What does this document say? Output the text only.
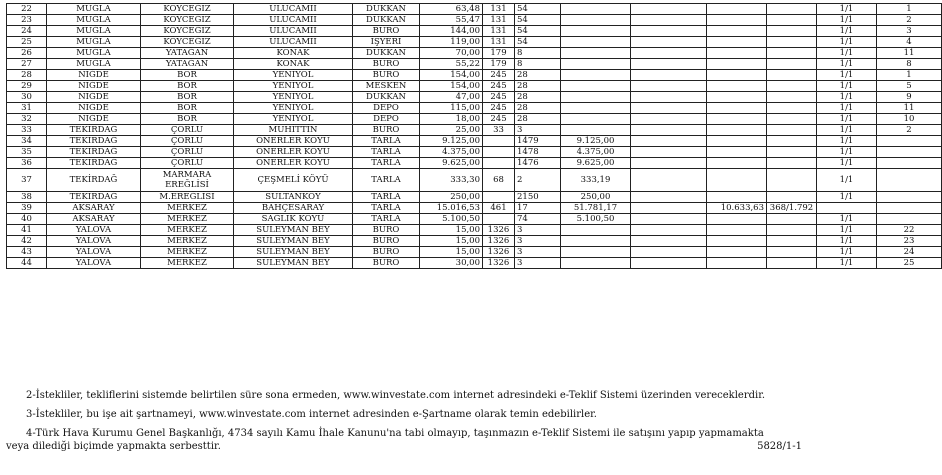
22	MUĞLA	KÖYCEĞİZ	ULUCAMİİ	DÜKKAN	63,48	131	54					1/1	1
23	MUĞLA	KÖYCEĞİZ	ULUCAMİİ	DÜKKAN	55,47	131	54					1/1	2
24	MUĞLA	KÖYCEĞİZ	ULUCAMİİ	BÜRO	144,00	131	54					1/1	3
25	MUĞLA	KÖYCEĞİZ	ULUCAMİİ	İŞYERİ	119,00	131	54					1/1	4
26	MUĞLA	YATAĞAN	KONAK	DÜKKAN	70,00	179	8					1/1	11
27	MUĞLA	YATAĞAN	KONAK	BÜRO	55,22	179	8					1/1	8
28	NİĞDE	BOR	YENİYOL	BÜRO	154,00	245	28					1/1	1
29	NİĞDE	BOR	YENİYOL	MESKEN	154,00	245	28					1/1	5
30	NİĞDE	BOR	YENİYOL	DÜKKAN	47,00	245	28					1/1	9
31	NİĞDE	BOR	YENİYOL	DEPO	115,00	245	28					1/1	11
32	NİĞDE	BOR	YENİYOL	DEPO	18,00	245	28					1/1	10
33	TEKİRDAĞ	ÇORLU	MUHİTTİN	BÜRO	25,00	33	3					1/1	2
34	TEKİRDAĞ	ÇORLU	ÖNERLER KÖYÜ	TARLA	9.125,00		1479	9.125,00				1/1	
35	TEKİRDAĞ	ÇORLU	ÖNERLER KÖYÜ	TARLA	4.375,00		1478	4.375,00				1/1	
36	TEKİRDAĞ	ÇORLU	ÖNERLER KÖYÜ	TARLA	9.625,00		1476	9.625,00				1/1	
37	TEKİRDAĞ	MARMARA EREĞLİSİ	ÇEŞMELİ KÖYÜ	TARLA	333,30	68	2	333,19				1/1	
38	TEKİRDAĞ	M.EREĞLİSİ	SULTANKÖY	TARLA	250,00		2150	250,00				1/1	
39	AKSARAY	MERKEZ	BAHÇESARAY	TARLA	15.016,53	461	17	51.781,17		10.633,63	368/1.792		
40	AKSARAY	MERKEZ	SAĞLIK KÖYÜ	TARLA	5.100,50		74	5.100,50				1/1	
41	YALOVA	MERKEZ	SÜLEYMAN BEY	BÜRO	15,00	1326	3					1/1	22
42	YALOVA	MERKEZ	SÜLEYMAN BEY	BÜRO	15,00	1326	3					1/1	23
43	YALOVA	MERKEZ	SÜLEYMAN BEY	BÜRO	15,00	1326	3					1/1	24
44	YALOVA	MERKEZ	SÜLEYMAN BEY	BÜRO	30,00	1326	3					1/1	25

2-İstekliler, tekliflerini sistemde belirtilen süre sona ermeden, www.winvestate.com internet adresindeki e-Teklif Sistemi üzerinden vereceklerdir.

3-İstekliler, bu işe ait şartnameyi, www.winvestate.com internet adresinden e-Şartname olarak temin edebilirler.

4-Türk Hava Kurumu Genel Başkanlığı, 4734 sayılı Kamu İhale Kanunu'na tabi olmayıp, taşınmazın e-Teklif Sistemi ile satışını yapıp yapmamakta

veya dilediği biçimde yapmakta serbesttir.	5828/1-1
